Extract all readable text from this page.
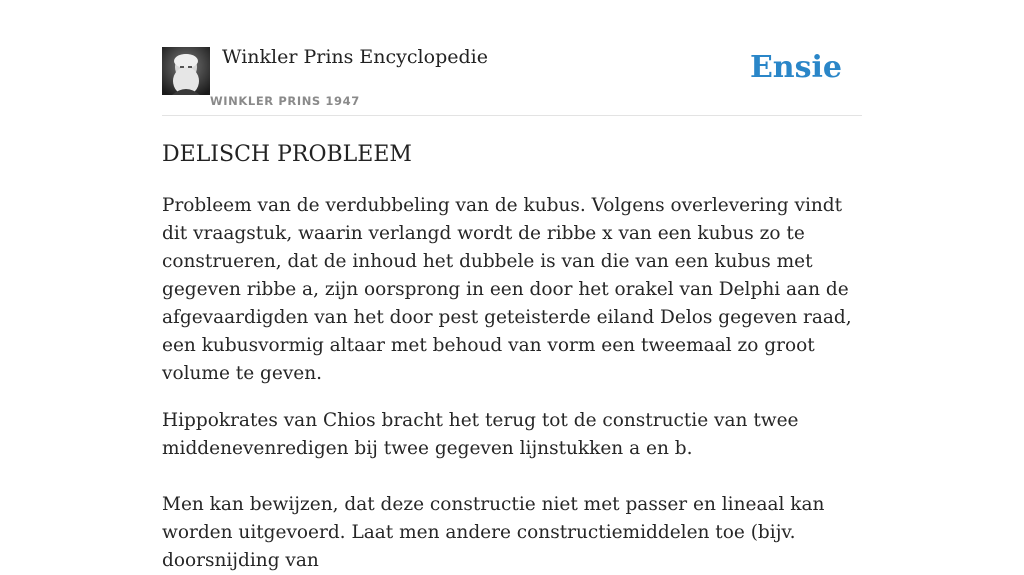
Winkler Prins Encyclopedie
WINKLER PRINS 1947
Ensie
DELISCH PROBLEEM

Probleem van de verdubbeling van de kubus. Volgens overlevering vindt dit vraagstuk, waarin verlangd wordt de ribbe x van een kubus zo te construeren, dat de inhoud het dubbele is van die van een kubus met gegeven ribbe a, zijn oorsprong in een door het orakel van Delphi aan de afgevaardigden van het door pest geteisterde eiland Delos gegeven raad, een kubusvormig altaar met behoud van vorm een tweemaal zo groot volume te geven.

Hippokrates van Chios bracht het terug tot de constructie van twee middenevenredigen bij twee gegeven lijnstukken a en b.

Men kan bewijzen, dat deze constructie niet met passer en lineaal kan worden uitgevoerd. Laat men andere constructiemiddelen toe (bijv. doorsnijding van
